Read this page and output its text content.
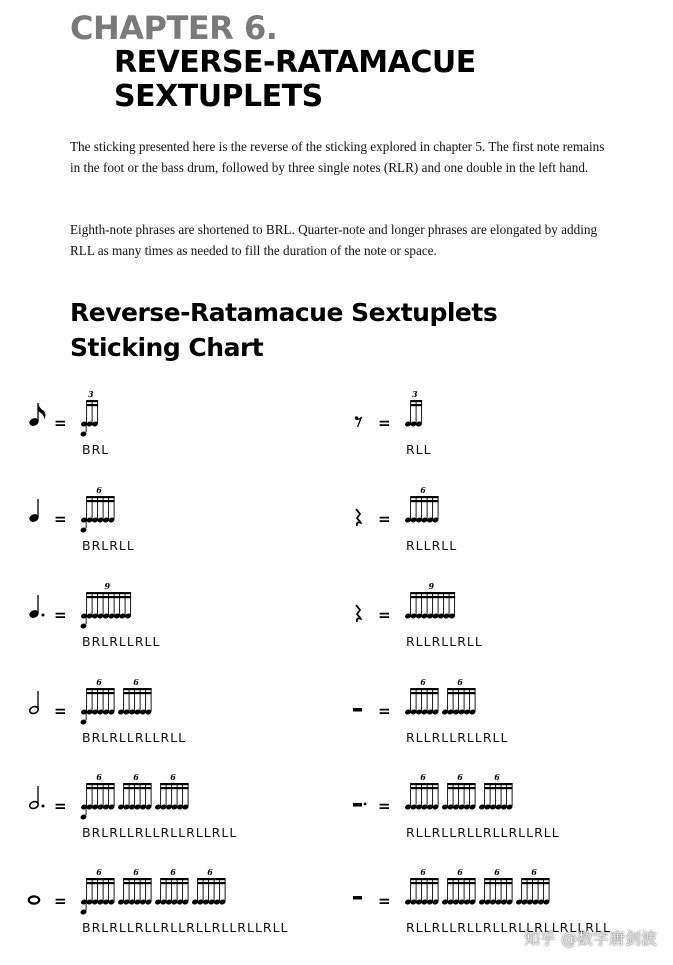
CHAPTER 6.
REVERSE-RATAMACUE
SEXTUPLETS

The sticking presented here is the reverse of the sticking explored in chapter 5. The first note remains in the foot or the bass drum, followed by three single notes (RLR) and one double in the left hand.

Eighth-note phrases are shortened to BRL. Quarter-note and longer phrases are elongated by adding RLL as many times as needed to fill the duration of the note or space.

Reverse-Ratamacue Sextuplets
Sticking Chart
=
3
BRL
=
3
RLL
=
6
BRLRLL
=
6
RLLRLL
=
9
BRLRLLRLL
=
9
RLLRLLRLL
=
6	6
BRLRLLRLLRLL
=
6	6
RLLRLLRLLRLL
=
6	6	6
BRLRLLRLLRLLRLLRLL
=
6	6	6
RLLRLLRLLRLLRLLRLL
=
6	6	6	6
BRLRLLRLLRLLRLLRLLRLLRLL
=
6	6	6	6
RLLRLLRLLRLLRLLRLLRLLRLL
知乎 @数字唐剑波
